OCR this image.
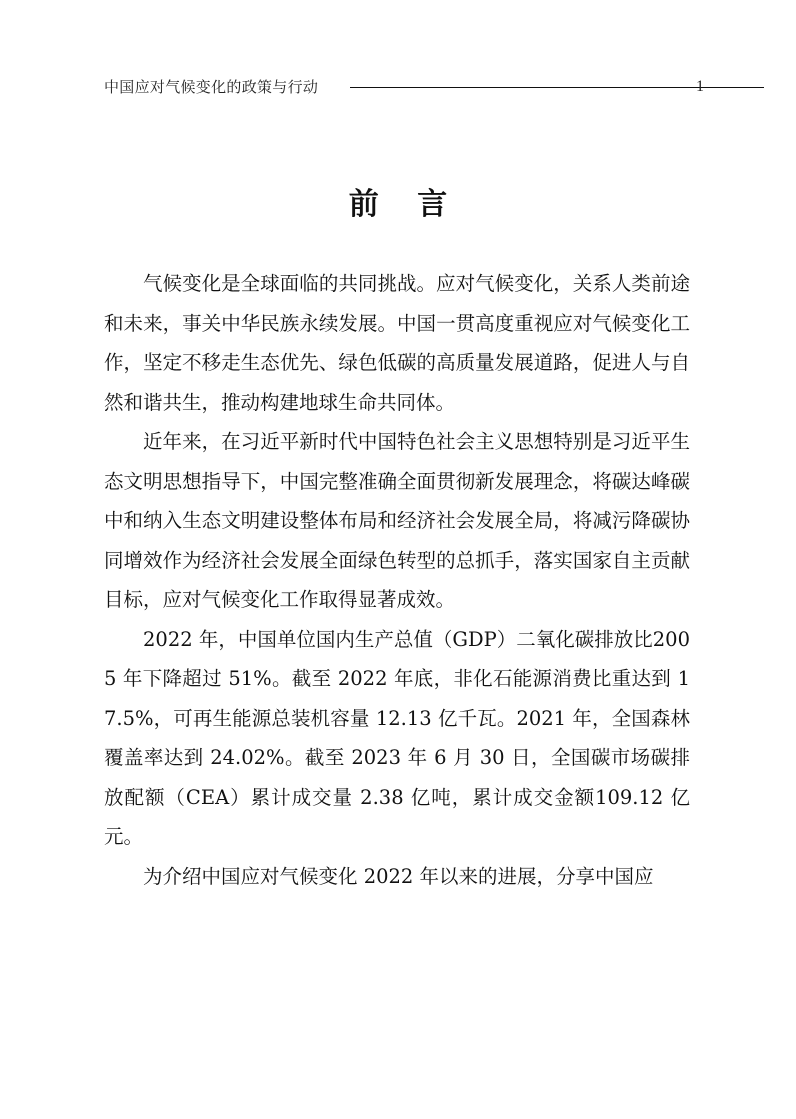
中国应对气候变化的政策与行动	1
前 言

气候变化是全球面临的共同挑战。应对气候变化，关系人类前途和未来，事关中华民族永续发展。中国一贯高度重视应对气候变化工作，坚定不移走生态优先、绿色低碳的高质量发展道路，促进人与自然和谐共生，推动构建地球生命共同体。

近年来，在习近平新时代中国特色社会主义思想特别是习近平生态文明思想指导下，中国完整准确全面贯彻新发展理念，将碳达峰碳中和纳入生态文明建设整体布局和经济社会发展全局，将减污降碳协同增效作为经济社会发展全面绿色转型的总抓手，落实国家自主贡献目标，应对气候变化工作取得显著成效。

2022 年，中国单位国内生产总值（GDP）二氧化碳排放比2005 年下降超过 51%。截至 2022 年底，非化石能源消费比重达到 17.5%，可再生能源总装机容量 12.13 亿千瓦。2021 年，全国森林覆盖率达到 24.02%。截至 2023 年 6 月 30 日，全国碳市场碳排放配额（CEA）累计成交量 2.38 亿吨，累计成交金额109.12 亿元。

为介绍中国应对气候变化 2022 年以来的进展，分享中国应
